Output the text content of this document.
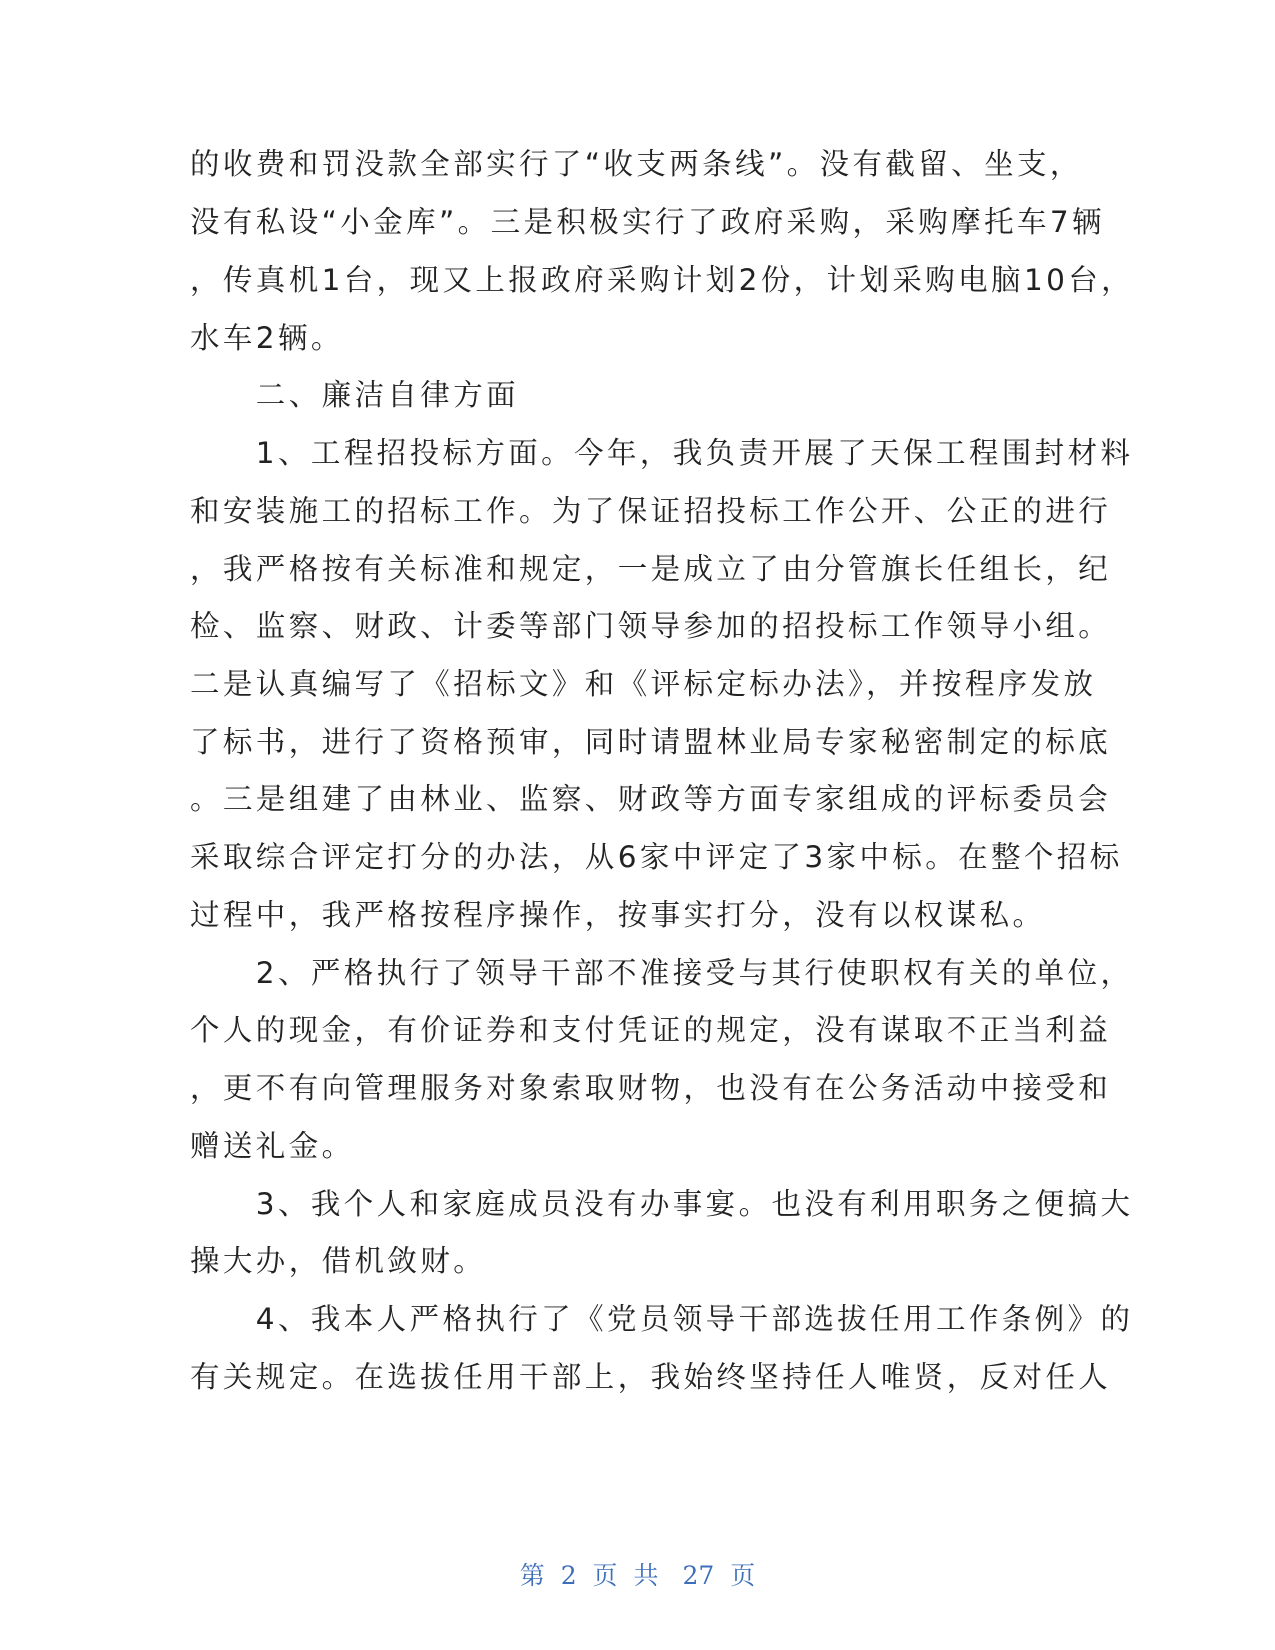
的收费和罚没款全部实行了“收支两条线”。没有截留、坐支，
没有私设“小金库”。三是积极实行了政府采购，采购摩托车7辆
，传真机1台，现又上报政府采购计划2份，计划采购电脑10台，
水车2辆。
　　二、廉洁自律方面
　　1、工程招投标方面。今年，我负责开展了天保工程围封材料
和安装施工的招标工作。为了保证招投标工作公开、公正的进行
，我严格按有关标准和规定，一是成立了由分管旗长任组长，纪
检、监察、财政、计委等部门领导参加的招投标工作领导小组。
二是认真编写了《招标文》和《评标定标办法》，并按程序发放
了标书，进行了资格预审，同时请盟林业局专家秘密制定的标底
。三是组建了由林业、监察、财政等方面专家组成的评标委员会
采取综合评定打分的办法，从6家中评定了3家中标。在整个招标
过程中，我严格按程序操作，按事实打分，没有以权谋私。
　　2、严格执行了领导干部不准接受与其行使职权有关的单位，
个人的现金，有价证券和支付凭证的规定，没有谋取不正当利益
，更不有向管理服务对象索取财物，也没有在公务活动中接受和
赠送礼金。
　　3、我个人和家庭成员没有办事宴。也没有利用职务之便搞大
操大办，借机敛财。
　　4、我本人严格执行了《党员领导干部选拔任用工作条例》的
有关规定。在选拔任用干部上，我始终坚持任人唯贤，反对任人
第 2 页 共 27 页
